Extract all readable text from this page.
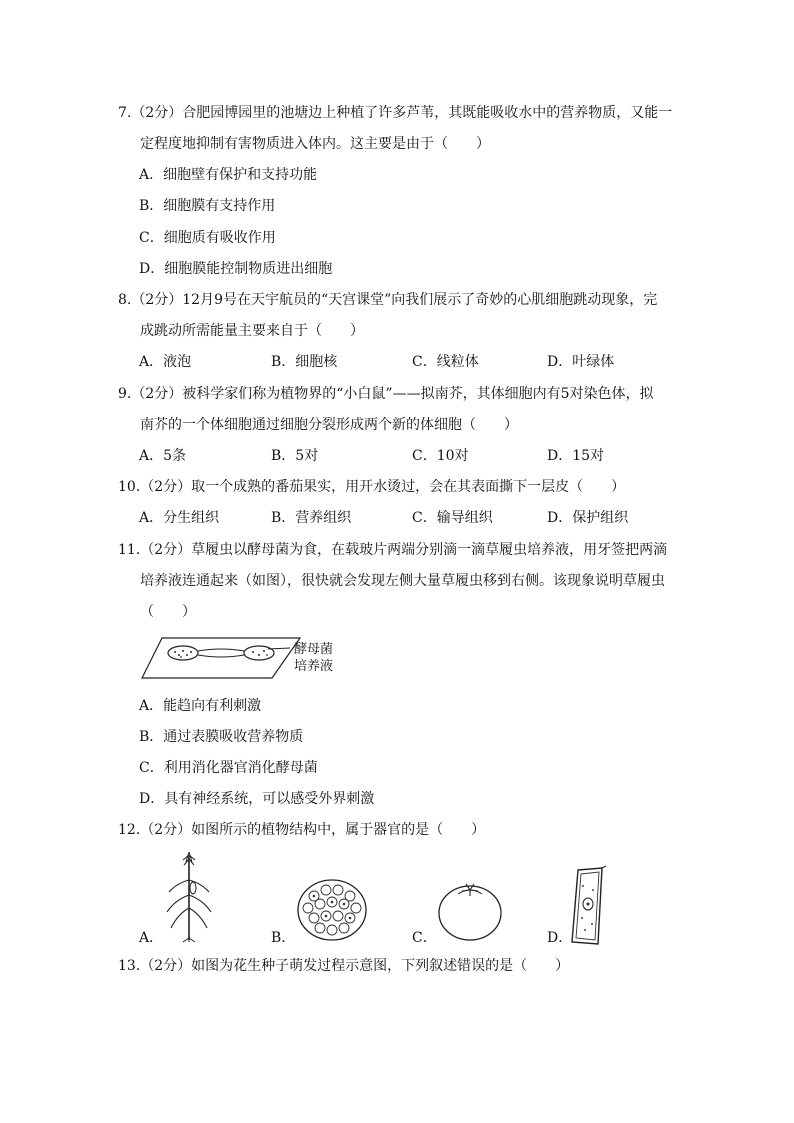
7.（2分）合肥园博园里的池塘边上种植了许多芦苇，其既能吸收水中的营养物质，又能一
定程度地抑制有害物质进入体内。这主要是由于（　　）
A．细胞壁有保护和支持功能
B．细胞膜有支持作用
C．细胞质有吸收作用
D．细胞膜能控制物质进出细胞
8.（2分）12月9号在天宇航员的“天宫课堂”向我们展示了奇妙的心肌细胞跳动现象，完
成跳动所需能量主要来自于（　　）
A．液泡	B．细胞核	C．线粒体	D．叶绿体
9.（2分）被科学家们称为植物界的“小白鼠”——拟南芥，其体细胞内有5对染色体，拟
南芥的一个体细胞通过细胞分裂形成两个新的体细胞（　　）
A．5条	B．5对	C．10对	D．15对
10.（2分）取一个成熟的番茄果实，用开水烫过，会在其表面撕下一层皮（　　）
A．分生组织	B．营养组织	C．输导组织	D．保护组织
11.（2分）草履虫以酵母菌为食，在载玻片两端分别滴一滴草履虫培养液，用牙签把两滴
培养液连通起来（如图），很快就会发现左侧大量草履虫移到右侧。该现象说明草履虫
（　　）
酵母菌
培养液
A．能趋向有利刺激
B．通过表膜吸收营养物质
C．利用消化器官消化酵母菌
D．具有神经系统，可以感受外界刺激
12.（2分）如图所示的植物结构中，属于器官的是（　　）
A．	B．	C．	D．
13.（2分）如图为花生种子萌发过程示意图，下列叙述错误的是（　　）
